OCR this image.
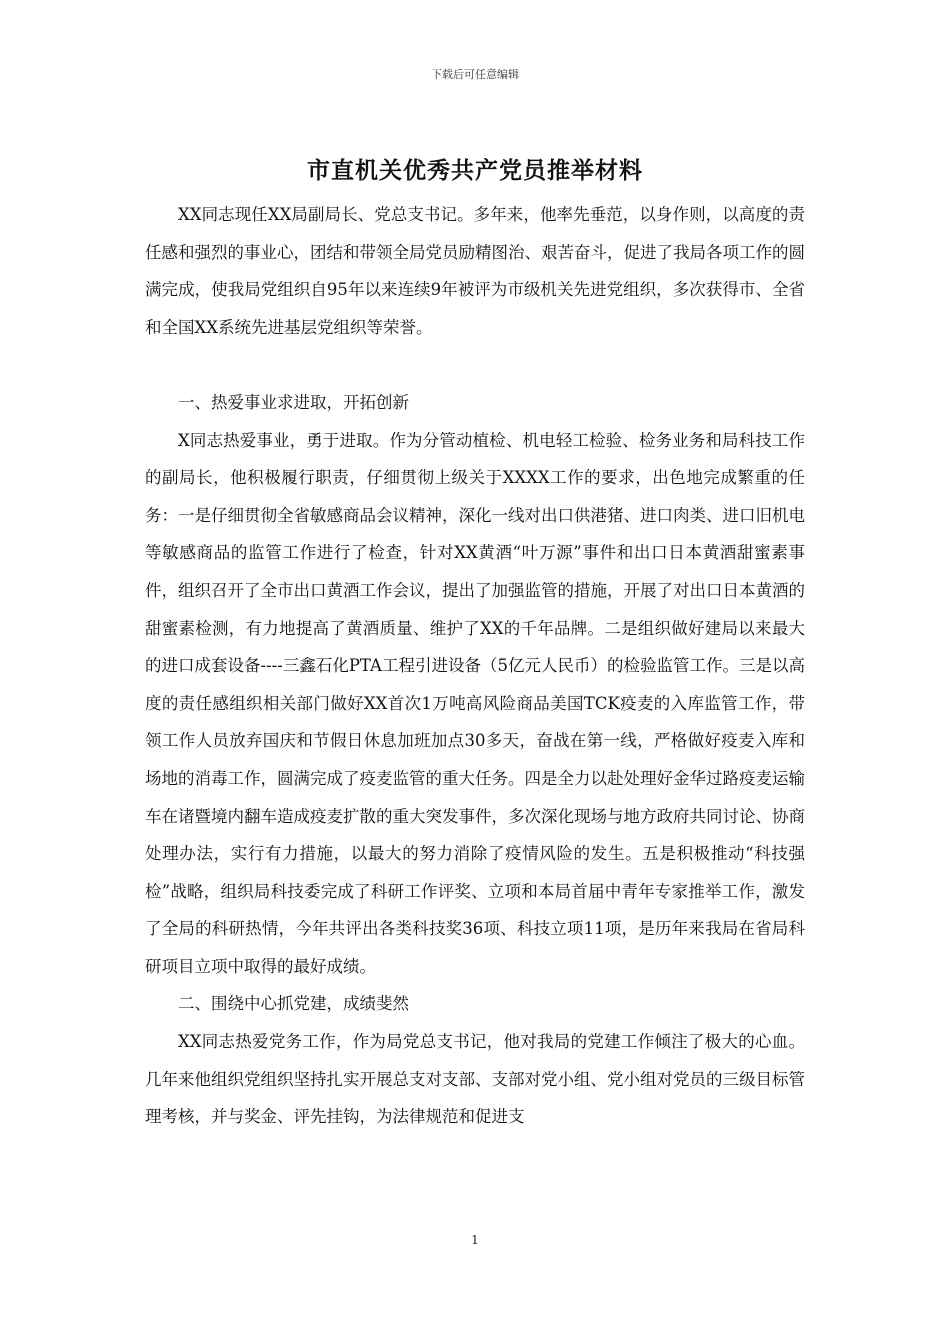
下载后可任意编辑
市直机关优秀共产党员推举材料

XX同志现任XX局副局长、党总支书记。多年来，他率先垂范，以身作则，以高度的责任感和强烈的事业心，团结和带领全局党员励精图治、艰苦奋斗，促进了我局各项工作的圆满完成，使我局党组织自95年以来连续9年被评为市级机关先进党组织，多次获得市、全省和全国XX系统先进基层党组织等荣誉。

一、热爱事业求进取，开拓创新

X同志热爱事业，勇于进取。作为分管动植检、机电轻工检验、检务业务和局科技工作的副局长，他积极履行职责，仔细贯彻上级关于XXXX工作的要求，出色地完成繁重的任务：一是仔细贯彻全省敏感商品会议精神，深化一线对出口供港猪、进口肉类、进口旧机电等敏感商品的监管工作进行了检查，针对XX黄酒“叶万源”事件和出口日本黄酒甜蜜素事件，组织召开了全市出口黄酒工作会议，提出了加强监管的措施，开展了对出口日本黄酒的甜蜜素检测，有力地提高了黄酒质量、维护了XX的千年品牌。二是组织做好建局以来最大的进口成套设备----三鑫石化PTA工程引进设备（5亿元人民币）的检验监管工作。三是以高度的责任感组织相关部门做好XX首次1万吨高风险商品美国TCK疫麦的入库监管工作，带领工作人员放弃国庆和节假日休息加班加点30多天，奋战在第一线，严格做好疫麦入库和场地的消毒工作，圆满完成了疫麦监管的重大任务。四是全力以赴处理好金华过路疫麦运输车在诸暨境内翻车造成疫麦扩散的重大突发事件，多次深化现场与地方政府共同讨论、协商处理办法，实行有力措施，以最大的努力消除了疫情风险的发生。五是积极推动“科技强检”战略，组织局科技委完成了科研工作评奖、立项和本局首届中青年专家推举工作，激发了全局的科研热情，今年共评出各类科技奖36项、科技立项11项，是历年来我局在省局科研项目立项中取得的最好成绩。

二、围绕中心抓党建，成绩斐然

XX同志热爱党务工作，作为局党总支书记，他对我局的党建工作倾注了极大的心血。几年来他组织党组织坚持扎实开展总支对支部、支部对党小组、党小组对党员的三级目标管理考核，并与奖金、评先挂钩，为法律规范和促进支

1
